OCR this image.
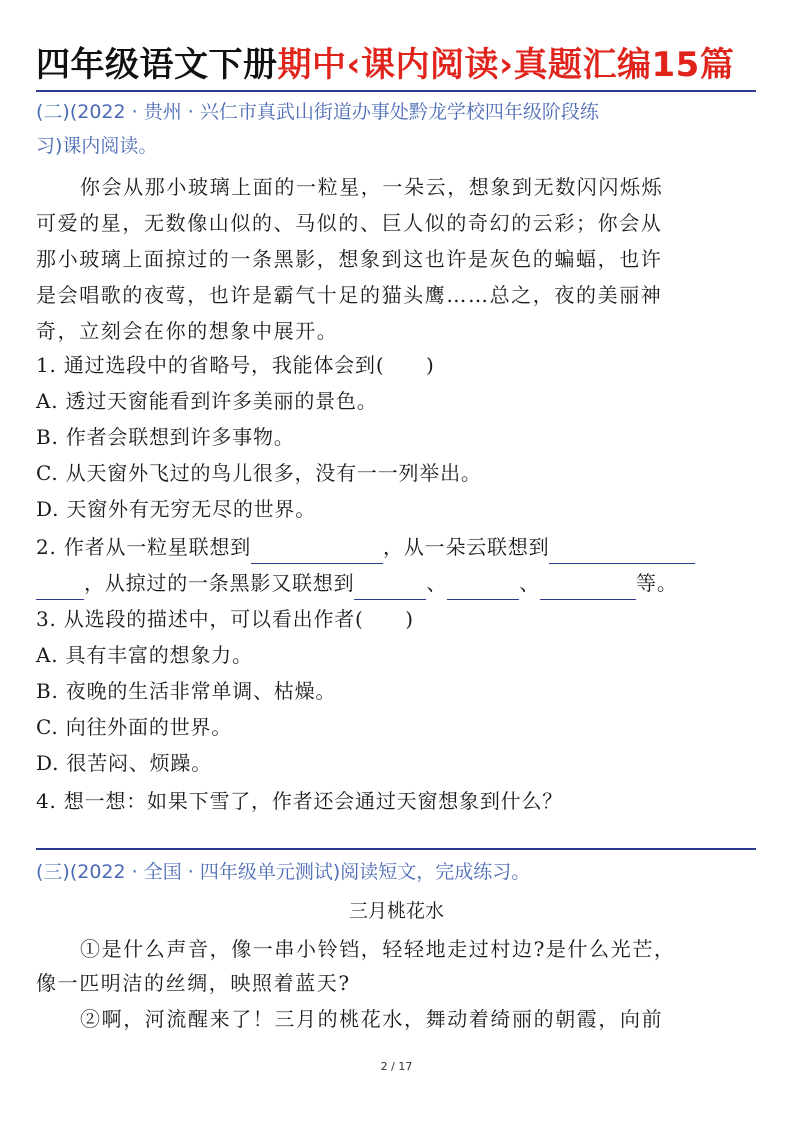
四年级语文下册期中‹课内阅读›真题汇编15篇
(二)(2022 · 贵州 · 兴仁市真武山街道办事处黔龙学校四年级阶段练
习)课内阅读。
你会从那小玻璃上面的一粒星，一朵云，想象到无数闪闪烁烁
可爱的星，无数像山似的、马似的、巨人似的奇幻的云彩；你会从
那小玻璃上面掠过的一条黑影，想象到这也许是灰色的蝙蝠，也许
是会唱歌的夜莺，也许是霸气十足的猫头鹰……总之，夜的美丽神
奇，立刻会在你的想象中展开。
1. 通过选段中的省略号，我能体会到(　　)
A. 透过天窗能看到许多美丽的景色。
B. 作者会联想到许多事物。
C. 从天窗外飞过的鸟儿很多，没有一一列举出。
D. 天窗外有无穷无尽的世界。
2. 作者从一粒星联想到	，从一朵云联想到
，从掠过的一条黑影又联想到	、	、	等。
3. 从选段的描述中，可以看出作者(　　)
A. 具有丰富的想象力。
B. 夜晚的生活非常单调、枯燥。
C. 向往外面的世界。
D. 很苦闷、烦躁。
4. 想一想：如果下雪了，作者还会通过天窗想象到什么？
(三)(2022 · 全国 · 四年级单元测试)阅读短文，完成练习。
三月桃花水
①是什么声音，像一串小铃铛，轻轻地走过村边?是什么光芒，
像一匹明洁的丝绸，映照着蓝天?
②啊，河流醒来了！三月的桃花水，舞动着绮丽的朝霞，向前
2 / 17
